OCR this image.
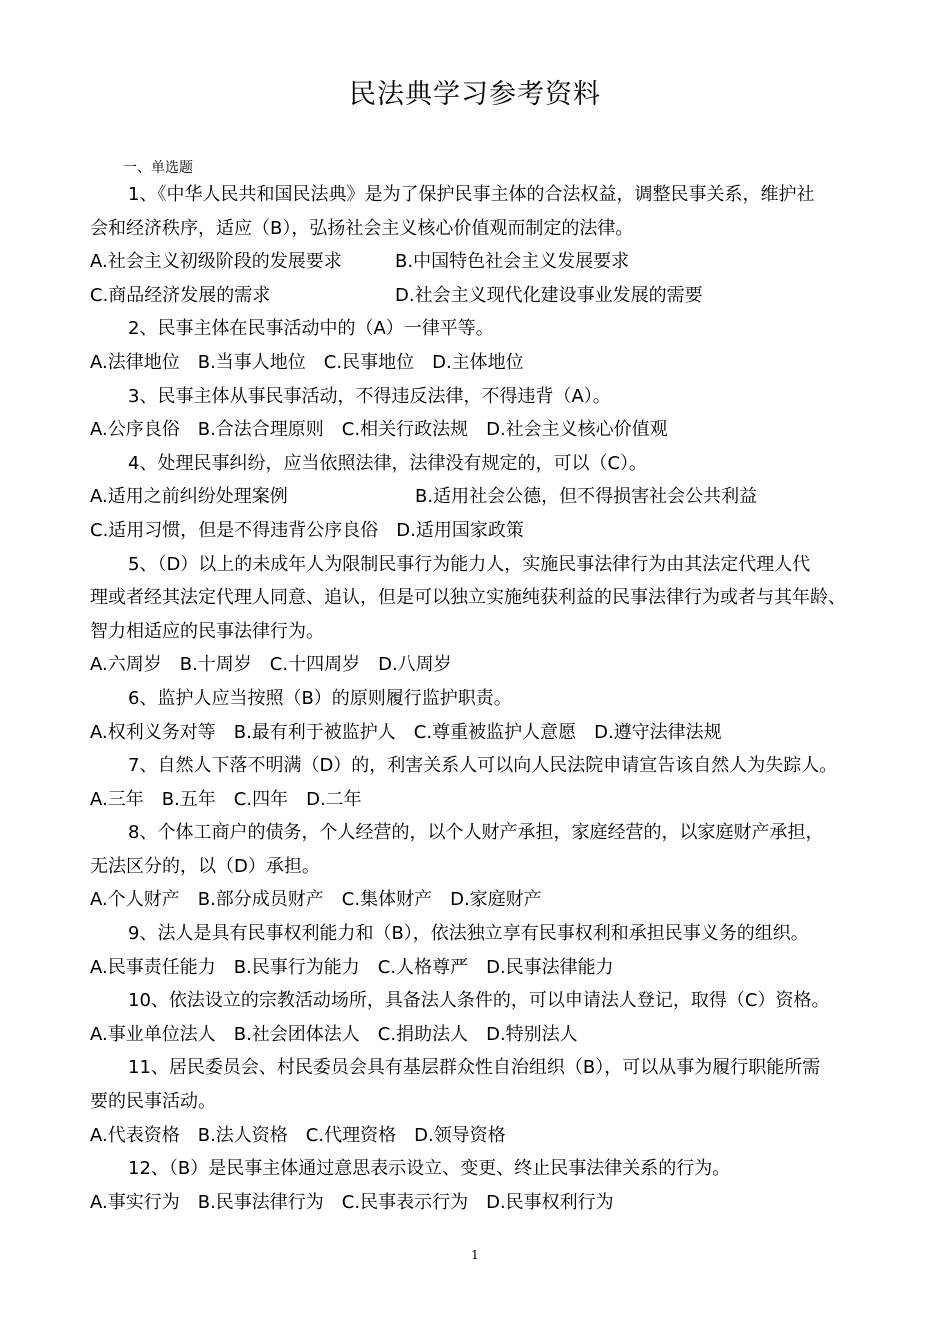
民法典学习参考资料
一、单选题
1、《中华人民共和国民法典》是为了保护民事主体的合法权益，调整民事关系，维护社
会和经济秩序，适应（B），弘扬社会主义核心价值观而制定的法律。
A.社会主义初级阶段的发展要求	B.中国特色社会主义发展要求
C.商品经济发展的需求	D.社会主义现代化建设事业发展的需要
2、民事主体在民事活动中的（A）一律平等。
A.法律地位 B.当事人地位 C.民事地位 D.主体地位
3、民事主体从事民事活动，不得违反法律，不得违背（A）。
A.公序良俗 B.合法合理原则 C.相关行政法规 D.社会主义核心价值观
4、处理民事纠纷，应当依照法律，法律没有规定的，可以（C）。
A.适用之前纠纷处理案例	B.适用社会公德，但不得损害社会公共利益
C.适用习惯，但是不得违背公序良俗 D.适用国家政策
5、（D）以上的未成年人为限制民事行为能力人，实施民事法律行为由其法定代理人代
理或者经其法定代理人同意、追认，但是可以独立实施纯获利益的民事法律行为或者与其年龄、
智力相适应的民事法律行为。
A.六周岁 B.十周岁 C.十四周岁 D.八周岁
6、监护人应当按照（B）的原则履行监护职责。
A.权利义务对等 B.最有利于被监护人 C.尊重被监护人意愿 D.遵守法律法规
7、自然人下落不明满（D）的，利害关系人可以向人民法院申请宣告该自然人为失踪人。
A.三年 B.五年 C.四年 D.二年
8、个体工商户的债务，个人经营的，以个人财产承担，家庭经营的，以家庭财产承担，
无法区分的，以（D）承担。
A.个人财产 B.部分成员财产 C.集体财产 D.家庭财产
9、法人是具有民事权利能力和（B），依法独立享有民事权利和承担民事义务的组织。
A.民事责任能力 B.民事行为能力 C.人格尊严 D.民事法律能力
10、依法设立的宗教活动场所，具备法人条件的，可以申请法人登记，取得（C）资格。
A.事业单位法人 B.社会团体法人 C.捐助法人 D.特别法人
11、居民委员会、村民委员会具有基层群众性自治组织（B），可以从事为履行职能所需
要的民事活动。
A.代表资格 B.法人资格 C.代理资格 D.领导资格
12、（B）是民事主体通过意思表示设立、变更、终止民事法律关系的行为。
A.事实行为 B.民事法律行为 C.民事表示行为 D.民事权利行为
1
